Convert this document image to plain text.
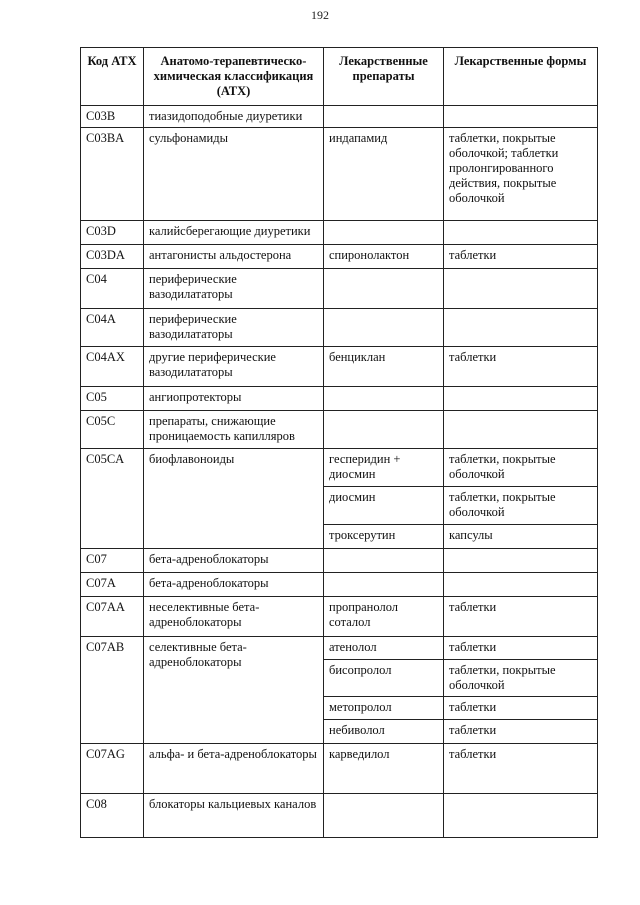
192
Код АТХ	Анатомо-терапевтическо-химическая классификация (АТХ)	Лекарственные препараты	Лекарственные формы
C03B	тиазидоподобные диуретики		
C03BA	сульфонамиды	индапамид	таблетки, покрытые оболочкой; таблетки пролонгированного действия, покрытые оболочкой
C03D	калийсберегающие диуретики		
C03DA	антагонисты альдостерона	спиронолактон	таблетки
C04	периферические вазодилататоры		
C04A	периферические вазодилататоры		
C04AX	другие периферические вазодилататоры	бенциклан	таблетки
C05	ангиопротекторы		
C05C	препараты, снижающие проницаемость капилляров		
C05CA	биофлавоноиды	гесперидин + диосмин	таблетки, покрытые оболочкой
		диосмин	таблетки, покрытые оболочкой
		троксерутин	капсулы
C07	бета-адреноблокаторы		
C07A	бета-адреноблокаторы		
C07AA	неселективные бета-адреноблокаторы	пропранолол соталол	таблетки
C07AB	селективные бета-адреноблокаторы	атенолол	таблетки
		бисопролол	таблетки, покрытые оболочкой
		метопролол	таблетки
		небиволол	таблетки
C07AG	альфа- и бета-адреноблокаторы	карведилол	таблетки
C08	блокаторы кальциевых каналов		
